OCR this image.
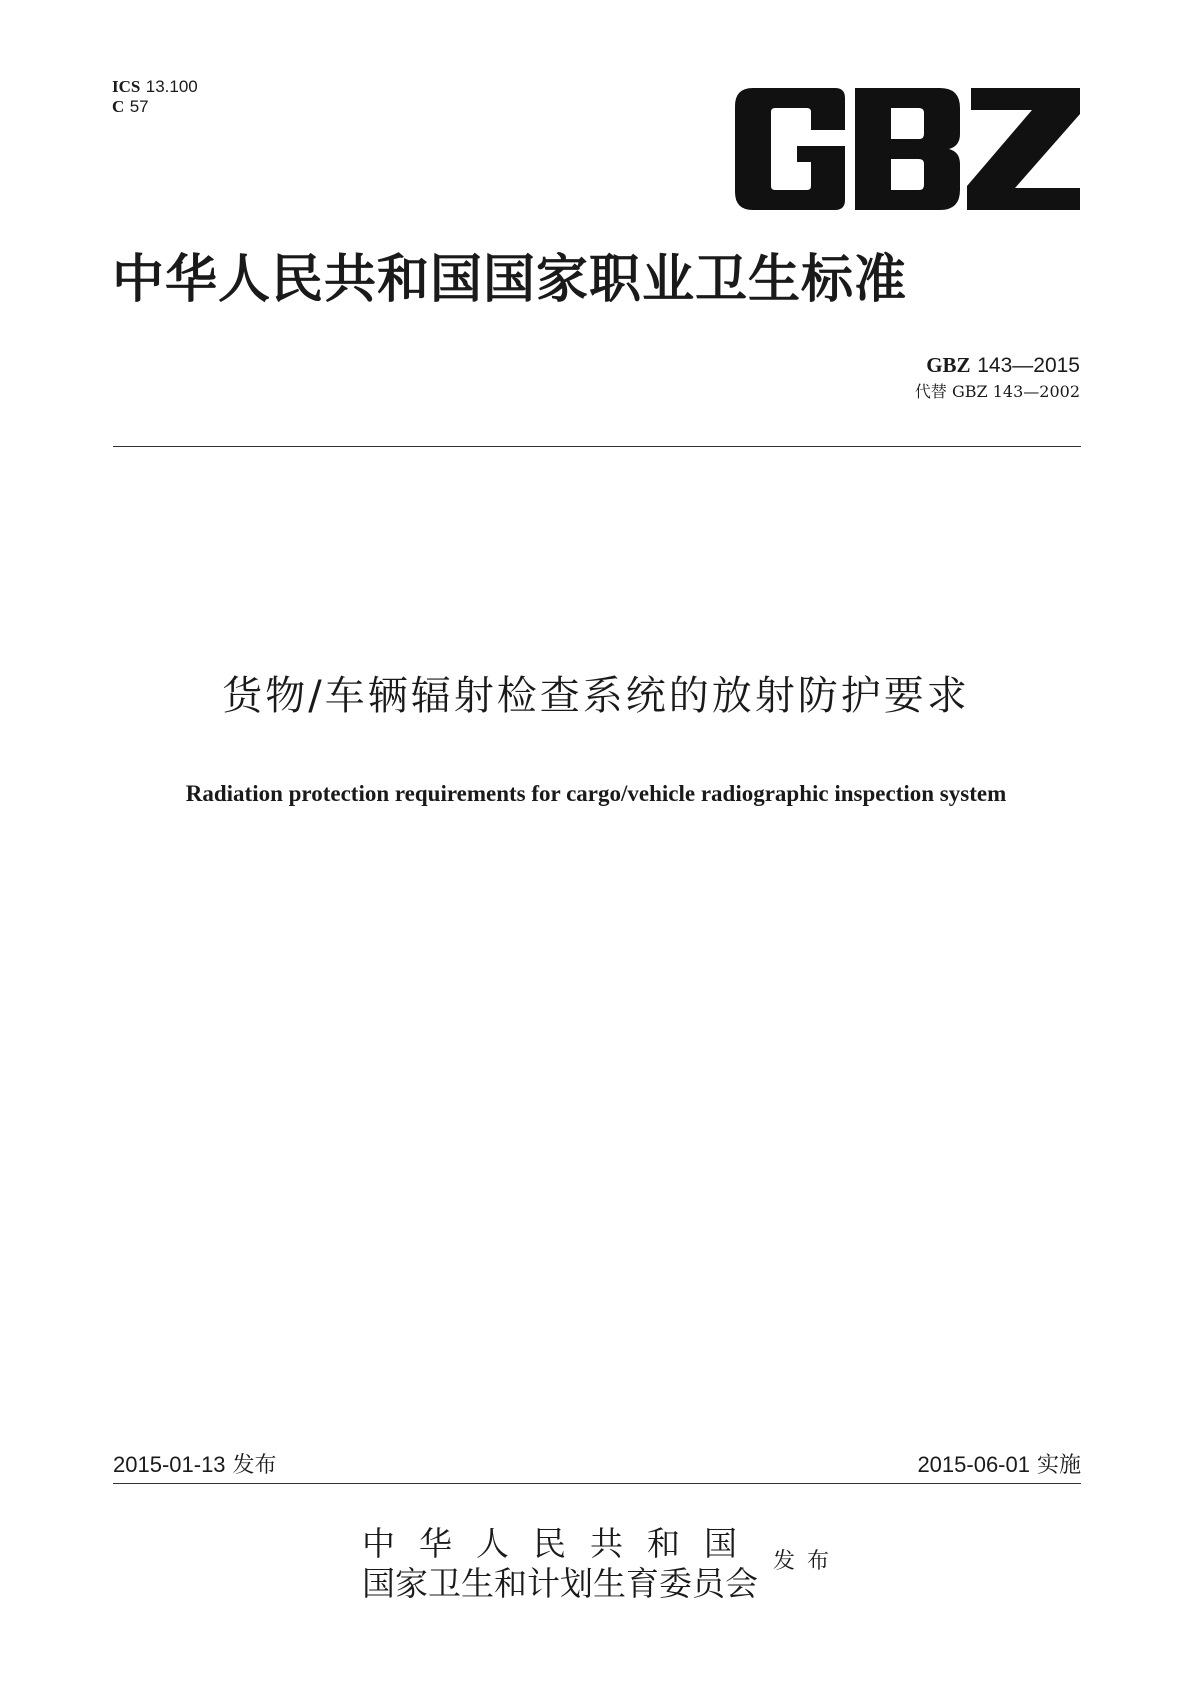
ICS 13.100
C 57
GBZ
中华人民共和国国家职业卫生标准
GBZ 143—2015
代替 GBZ 143—2002
货物/车辆辐射检查系统的放射防护要求
Radiation protection requirements for cargo/vehicle radiographic inspection system
2015-01-13 发布	2015-06-01 实施
中华人民共和国
国家卫生和计划生育委员会
发布
